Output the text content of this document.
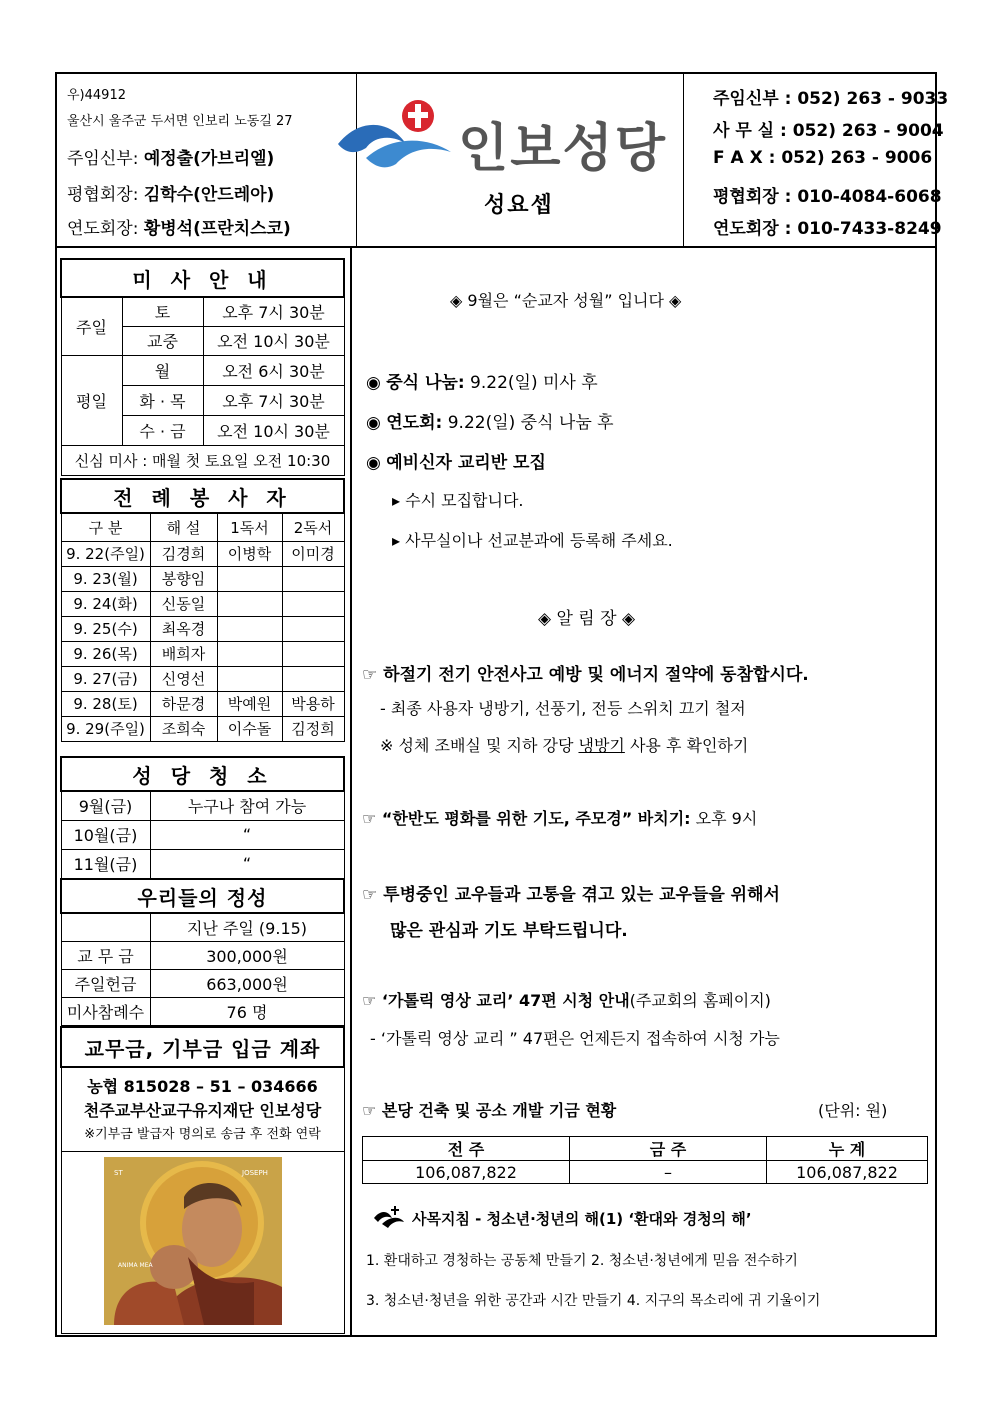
우)44912
울산시 울주군 두서면 인보리 노동길 27
주임신부: 예정출(가브리엘)
평협회장: 김학수(안드레아)
연도회장: 황병석(프란치스코)
인보성당
성요셉
주임신부 : 052) 263 - 9033
사 무 실 : 052) 263 - 9004
F A X : 052) 263 - 9006
평협회장 : 010-4084-6068
연도회장 : 010-7433-8249
미 사 안 내		
주일	토	오후 7시 30분
	교중	오전 10시 30분
평일	월	오전 6시 30분
	화 · 목	오후 7시 30분
	수 · 금	오전 10시 30분
신심 미사 : 매월 첫 토요일 오전 10:30		
전 례 봉 사 자			
구 분	해 설	1독서	2독서
9. 22(주일)	김경희	이병학	이미경
9. 23(월)	봉향임		
9. 24(화)	신동일		
9. 25(수)	최옥경		
9. 26(목)	배희자		
9. 27(금)	신영선		
9. 28(토)	하문경	박예원	박용하
9. 29(주일)	조희숙	이수돌	김정희
성 당 청 소	
9월(금)	누구나 참여 가능
10월(금)	“
11월(금)	“
우리들의 정성	
	지난 주일 (9.15)
교 무 금	300,000원
주일헌금	663,000원
미사참례수	76 명
교무금, 기부금 입금 계좌

농협 815028 – 51 – 034666
천주교부산교구유지재단 인보성당
※기부금 발급자 명의로 송금 후 전화 연락

ST	JOSEPH
ANIMA MEA
◈ 9월은 “순교자 성월” 입니다 ◈
◉ 중식 나눔: 9.22(일) 미사 후
◉ 연도회: 9.22(일) 중식 나눔 후
◉ 예비신자 교리반 모집
▸ 수시 모집합니다.
▸ 사무실이나 선교분과에 등록해 주세요.
◈ 알 림 장 ◈
☞ 하절기 전기 안전사고 예방 및 에너지 절약에 동참합시다.
- 최종 사용자 냉방기, 선풍기, 전등 스위치 끄기 철저
※ 성체 조배실 및 지하 강당 냉방기 사용 후 확인하기
☞ “한반도 평화를 위한 기도, 주모경” 바치기: 오후 9시
☞ 투병중인 교우들과 고통을 겪고 있는 교우들을 위해서
많은 관심과 기도 부탁드립니다.
☞ ‘가톨릭 영상 교리’ 47편 시청 안내(주교회의 홈페이지)
- ‘가톨릭 영상 교리 ” 47편은 언제든지 접속하여 시청 가능
☞ 본당 건축 및 공소 개발 기금 현황	(단위: 원)
전 주	금 주	누 계
106,087,822	–	106,087,822
사목지침 - 청소년·청년의 해(1) ‘환대와 경청의 해’
1. 환대하고 경청하는 공동체 만들기 2. 청소년·청년에게 믿음 전수하기
3. 청소년·청년을 위한 공간과 시간 만들기 4. 지구의 목소리에 귀 기울이기
